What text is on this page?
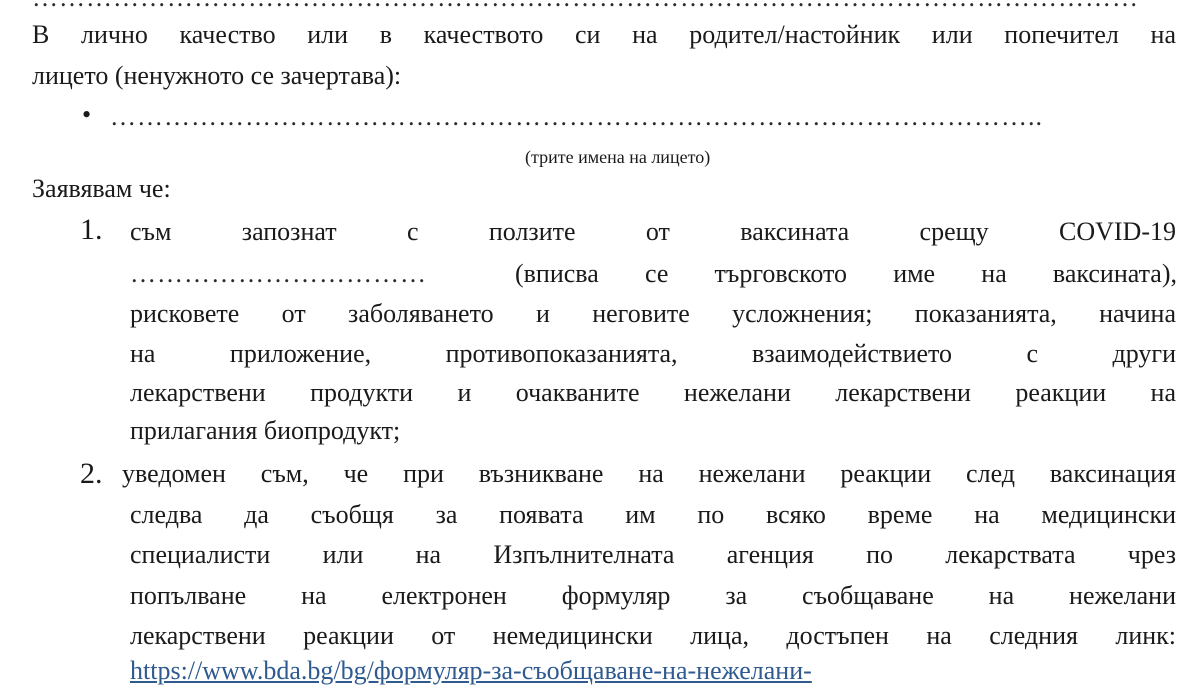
В лично качество или в качеството си на родител/настойник или попечител на
лицето (ненужното се зачертава):
• …………………………………………………………………………………………..
(трите имена на лицето)
Заявявам че:
1. съм запознат с ползите от ваксината срещу COVID-19
……………………………	(вписва се търговското име на ваксината),
рисковете от заболяването и неговите усложнения; показанията, начина
на приложение, противопоказанията, взаимодействието с други
лекарствени продукти и очакваните нежелани лекарствени реакции на
прилагания биопродукт;
2. уведомен съм, че при възникване на нежелани реакции след ваксинация
следва да съобщя за появата им по всяко време на медицински
специалисти или на Изпълнителната агенция по лекарствата чрез
попълване на електронен формуляр за съобщаване на нежелани
лекарствени реакции от немедицински лица, достъпен на следния линк:
https://www.bda.bg/bg/формуляр-за-съобщаване-на-нежелани-
